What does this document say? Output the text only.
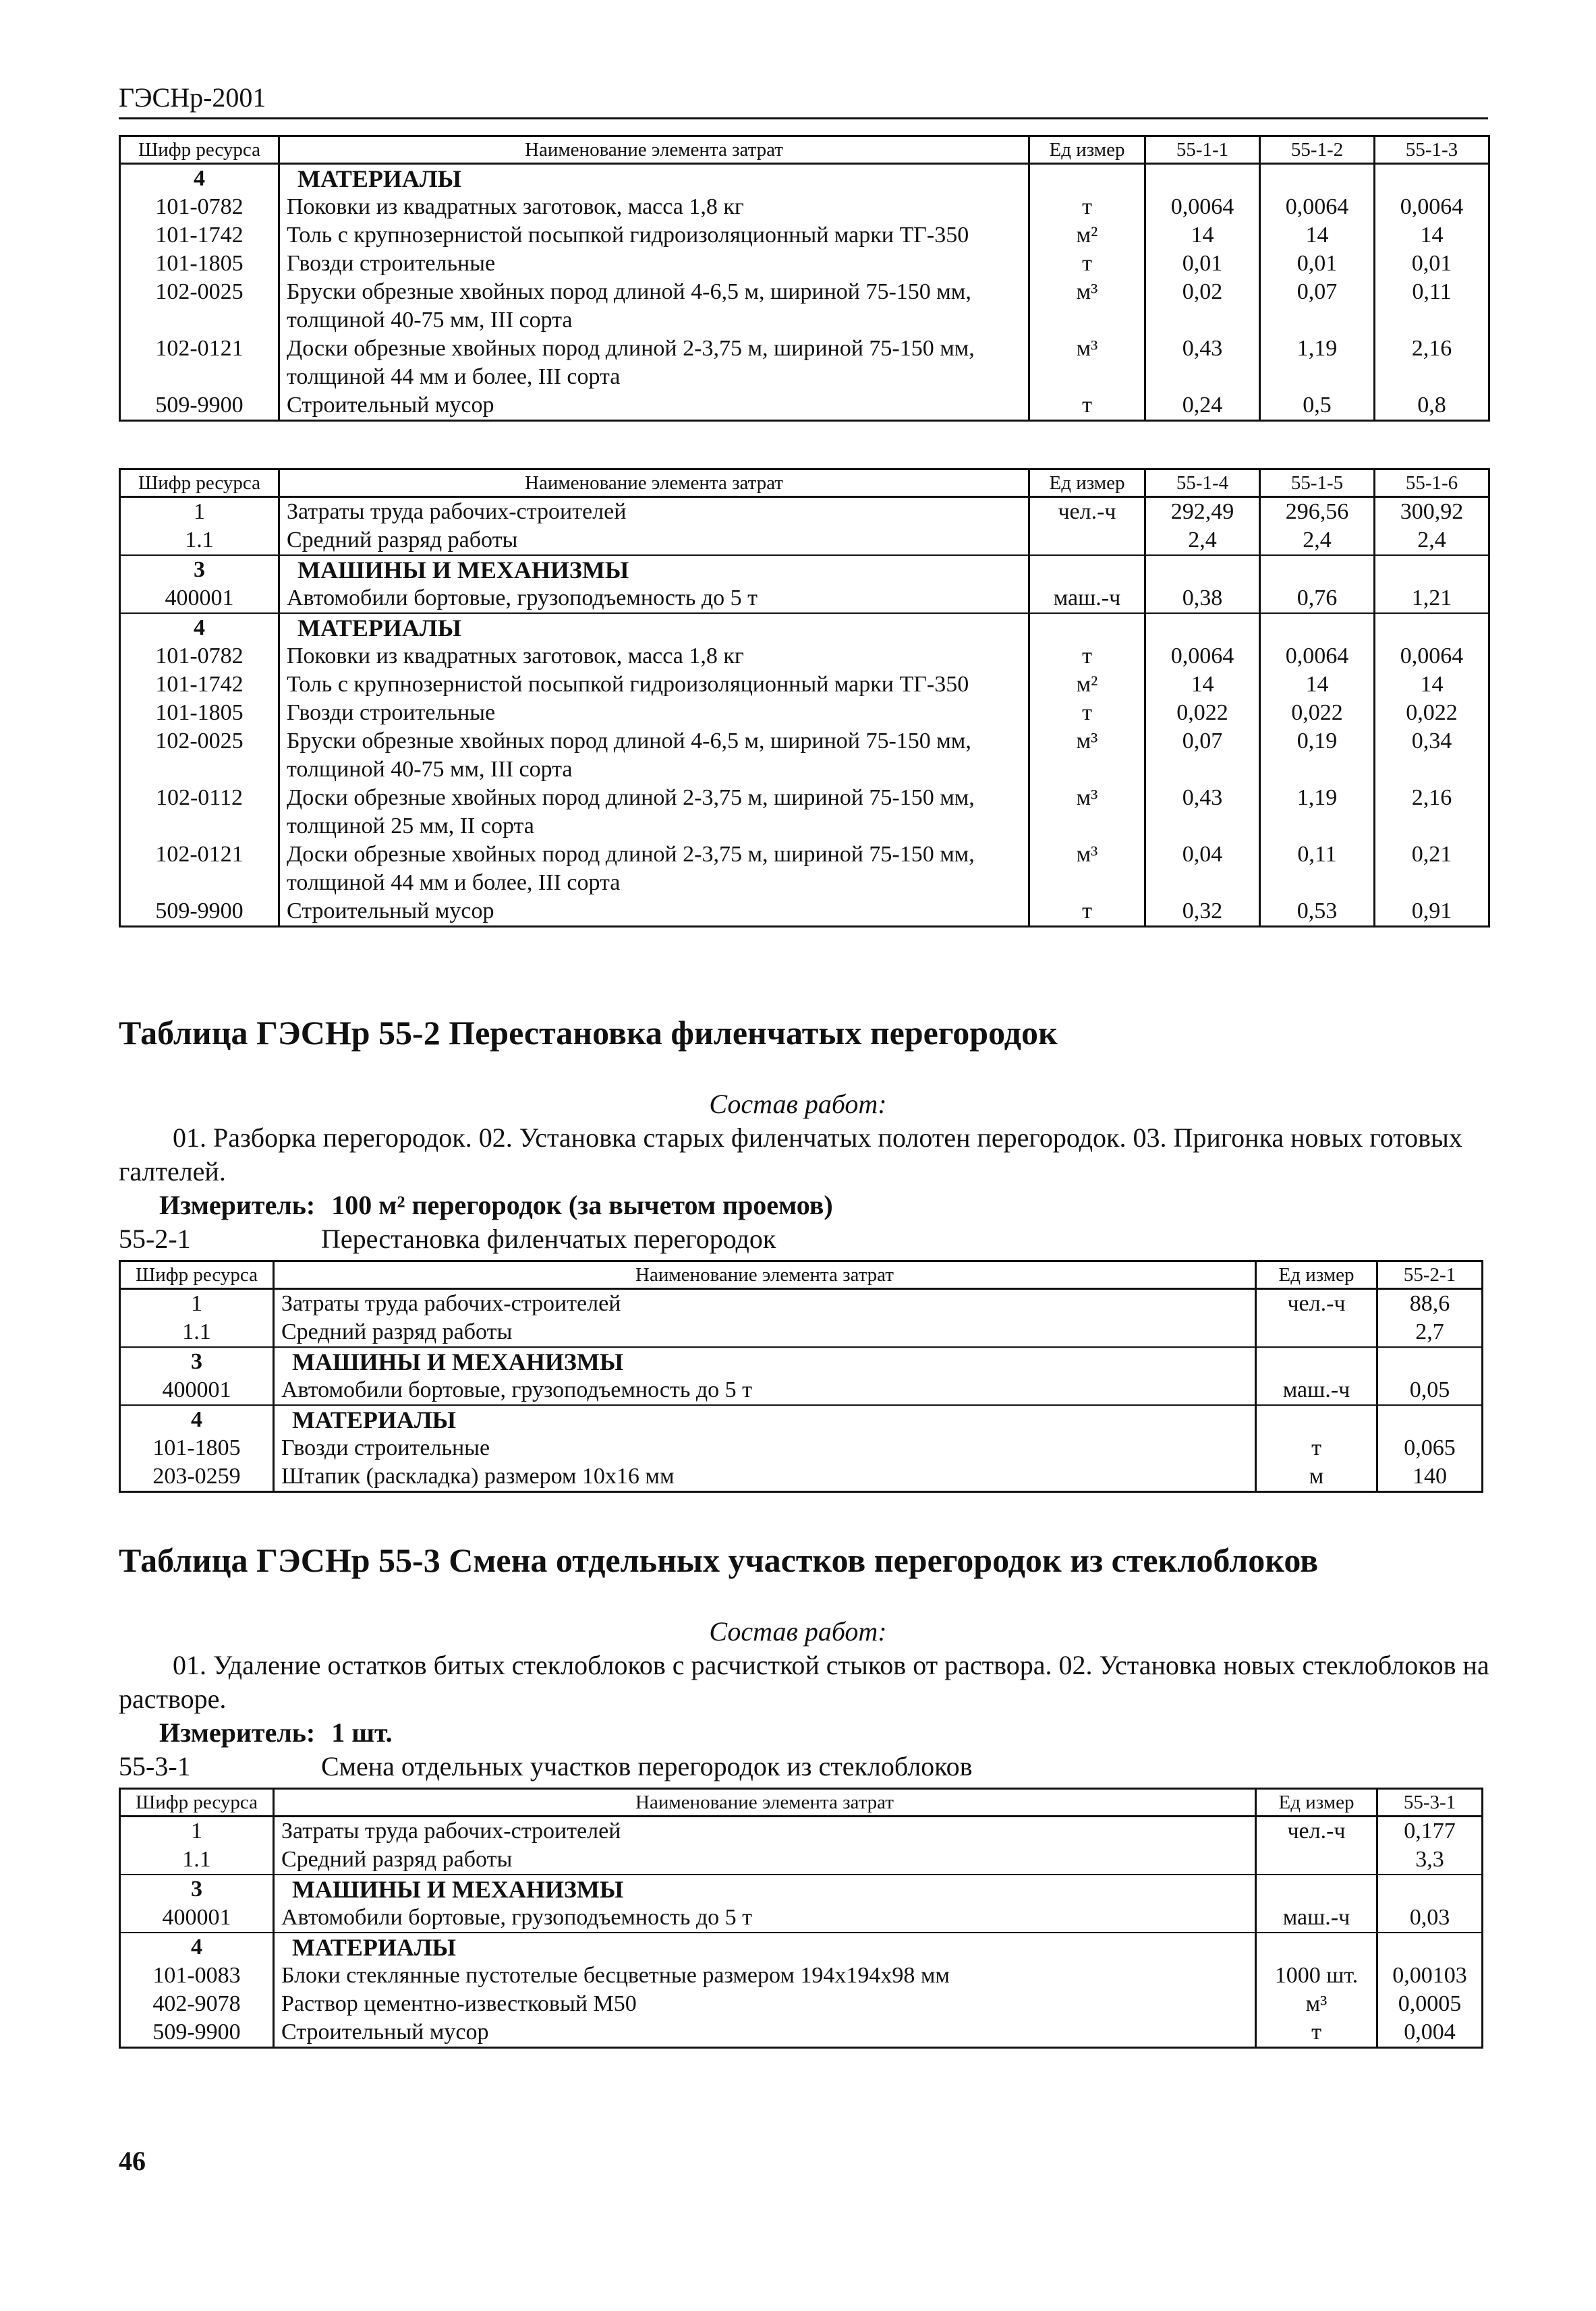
ГЭСНр-2001
Шифр ресурса	Наименование элемента затрат	Ед измер	55-1-1	55-1-2	55-1-3
4	МАТЕРИАЛЫ				
101-0782	Поковки из квадратных заготовок, масса 1,8 кг	т	0,0064	0,0064	0,0064
101-1742	Толь с крупнозернистой посыпкой гидроизоляционный марки ТГ-350	м²	14	14	14
101-1805	Гвозди строительные	т	0,01	0,01	0,01
102-0025	Бруски обрезные хвойных пород длиной 4-6,5 м, шириной 75-150 мм, толщиной 40-75 мм, III сорта	м³	0,02	0,07	0,11
102-0121	Доски обрезные хвойных пород длиной 2-3,75 м, шириной 75-150 мм, толщиной 44 мм и более, III сорта	м³	0,43	1,19	2,16
509-9900	Строительный мусор	т	0,24	0,5	0,8
Шифр ресурса	Наименование элемента затрат	Ед измер	55-1-4	55-1-5	55-1-6
1	Затраты труда рабочих-строителей	чел.-ч	292,49	296,56	300,92
1.1	Средний разряд работы		2,4	2,4	2,4
3	МАШИНЫ И МЕХАНИЗМЫ				
400001	Автомобили бортовые, грузоподъемность до 5 т	маш.-ч	0,38	0,76	1,21
4	МАТЕРИАЛЫ				
101-0782	Поковки из квадратных заготовок, масса 1,8 кг	т	0,0064	0,0064	0,0064
101-1742	Толь с крупнозернистой посыпкой гидроизоляционный марки ТГ-350	м²	14	14	14
101-1805	Гвозди строительные	т	0,022	0,022	0,022
102-0025	Бруски обрезные хвойных пород длиной 4-6,5 м, шириной 75-150 мм, толщиной 40-75 мм, III сорта	м³	0,07	0,19	0,34
102-0112	Доски обрезные хвойных пород длиной 2-3,75 м, шириной 75-150 мм, толщиной 25 мм, II сорта	м³	0,43	1,19	2,16
102-0121	Доски обрезные хвойных пород длиной 2-3,75 м, шириной 75-150 мм, толщиной 44 мм и более, III сорта	м³	0,04	0,11	0,21
509-9900	Строительный мусор	т	0,32	0,53	0,91
Таблица ГЭСНр 55-2 Перестановка филенчатых перегородок
Состав работ:
01. Разборка перегородок. 02. Установка старых филенчатых полотен перегородок. 03. Пригонка новых готовых галтелей.
Измеритель: 100 м² перегородок (за вычетом проемов)
55-2-1	Перестановка филенчатых перегородок
Шифр ресурса	Наименование элемента затрат	Ед измер	55-2-1
1	Затраты труда рабочих-строителей	чел.-ч	88,6
1.1	Средний разряд работы		2,7
3	МАШИНЫ И МЕХАНИЗМЫ		
400001	Автомобили бортовые, грузоподъемность до 5 т	маш.-ч	0,05
4	МАТЕРИАЛЫ		
101-1805	Гвозди строительные	т	0,065
203-0259	Штапик (раскладка) размером 10х16 мм	м	140
Таблица ГЭСНр 55-3 Смена отдельных участков перегородок из стеклоблоков
Состав работ:
01. Удаление остатков битых стеклоблоков с расчисткой стыков от раствора. 02. Установка новых стеклоблоков на растворе.
Измеритель: 1 шт.
55-3-1	Смена отдельных участков перегородок из стеклоблоков
Шифр ресурса	Наименование элемента затрат	Ед измер	55-3-1
1	Затраты труда рабочих-строителей	чел.-ч	0,177
1.1	Средний разряд работы		3,3
3	МАШИНЫ И МЕХАНИЗМЫ		
400001	Автомобили бортовые, грузоподъемность до 5 т	маш.-ч	0,03
4	МАТЕРИАЛЫ		
101-0083	Блоки стеклянные пустотелые бесцветные размером 194х194х98 мм	1000 шт.	0,00103
402-9078	Раствор цементно-известковый М50	м³	0,0005
509-9900	Строительный мусор	т	0,004
46
